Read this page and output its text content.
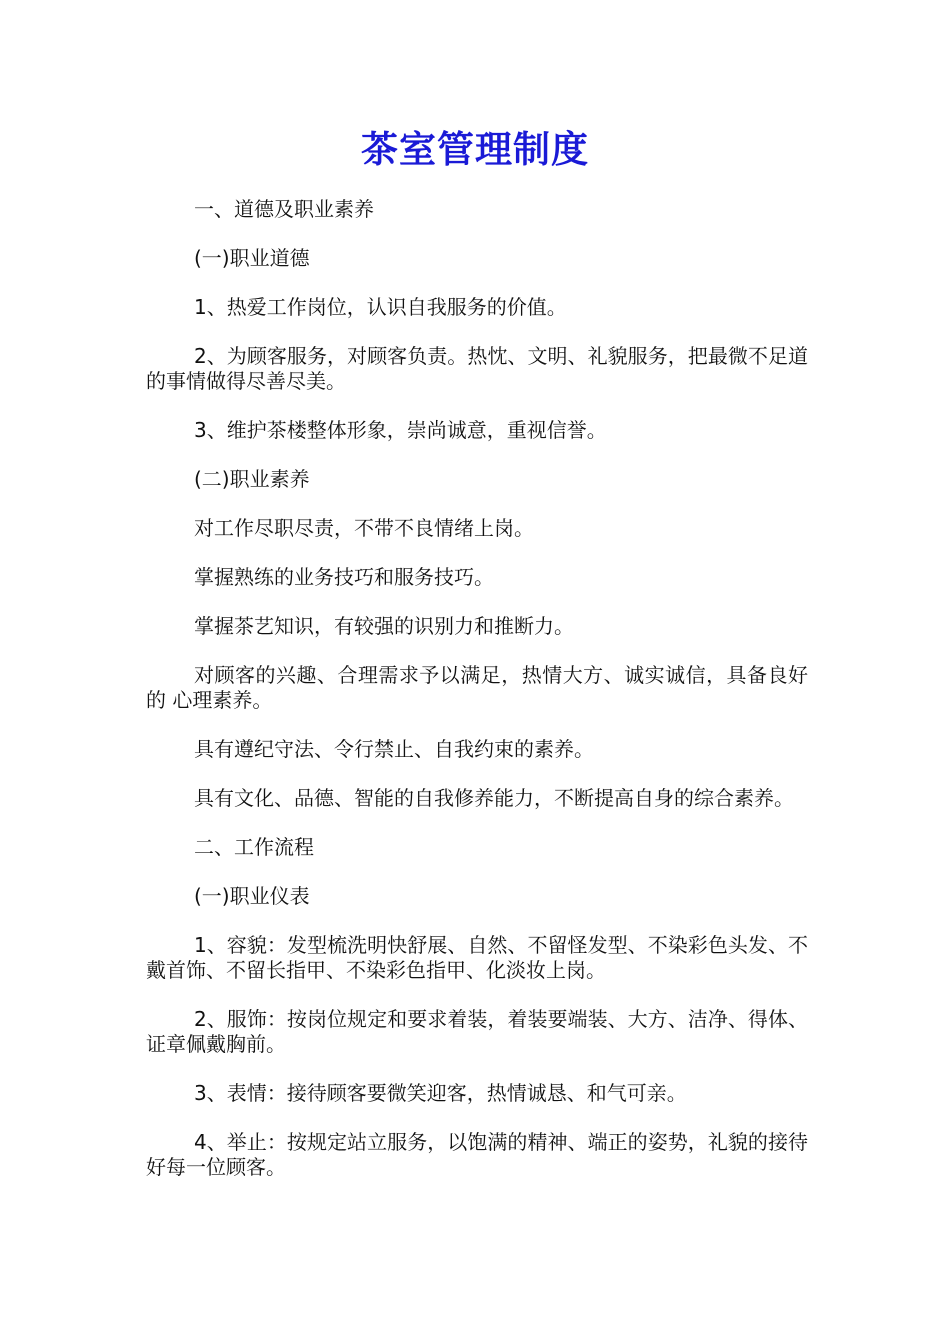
茶室管理制度

一、道德及职业素养

(一)职业道德

1、热爱工作岗位，认识自我服务的价值。

2、为顾客服务，对顾客负责。热忱、文明、礼貌服务，把最微不足道的事情做得尽善尽美。

3、维护茶楼整体形象，崇尚诚意，重视信誉。

(二)职业素养

对工作尽职尽责，不带不良情绪上岗。

掌握熟练的业务技巧和服务技巧。

掌握茶艺知识，有较强的识别力和推断力。

对顾客的兴趣、合理需求予以满足，热情大方、诚实诚信，具备良好的 心理素养。

具有遵纪守法、令行禁止、自我约束的素养。

具有文化、品德、智能的自我修养能力，不断提高自身的综合素养。

二、工作流程

(一)职业仪表

1、容貌：发型梳洗明快舒展、自然、不留怪发型、不染彩色头发、不戴首饰、不留长指甲、不染彩色指甲、化淡妆上岗。

2、服饰：按岗位规定和要求着装，着装要端装、大方、洁净、得体、证章佩戴胸前。

3、表情：接待顾客要微笑迎客，热情诚恳、和气可亲。

4、举止：按规定站立服务，以饱满的精神、端正的姿势，礼貌的接待好每一位顾客。
